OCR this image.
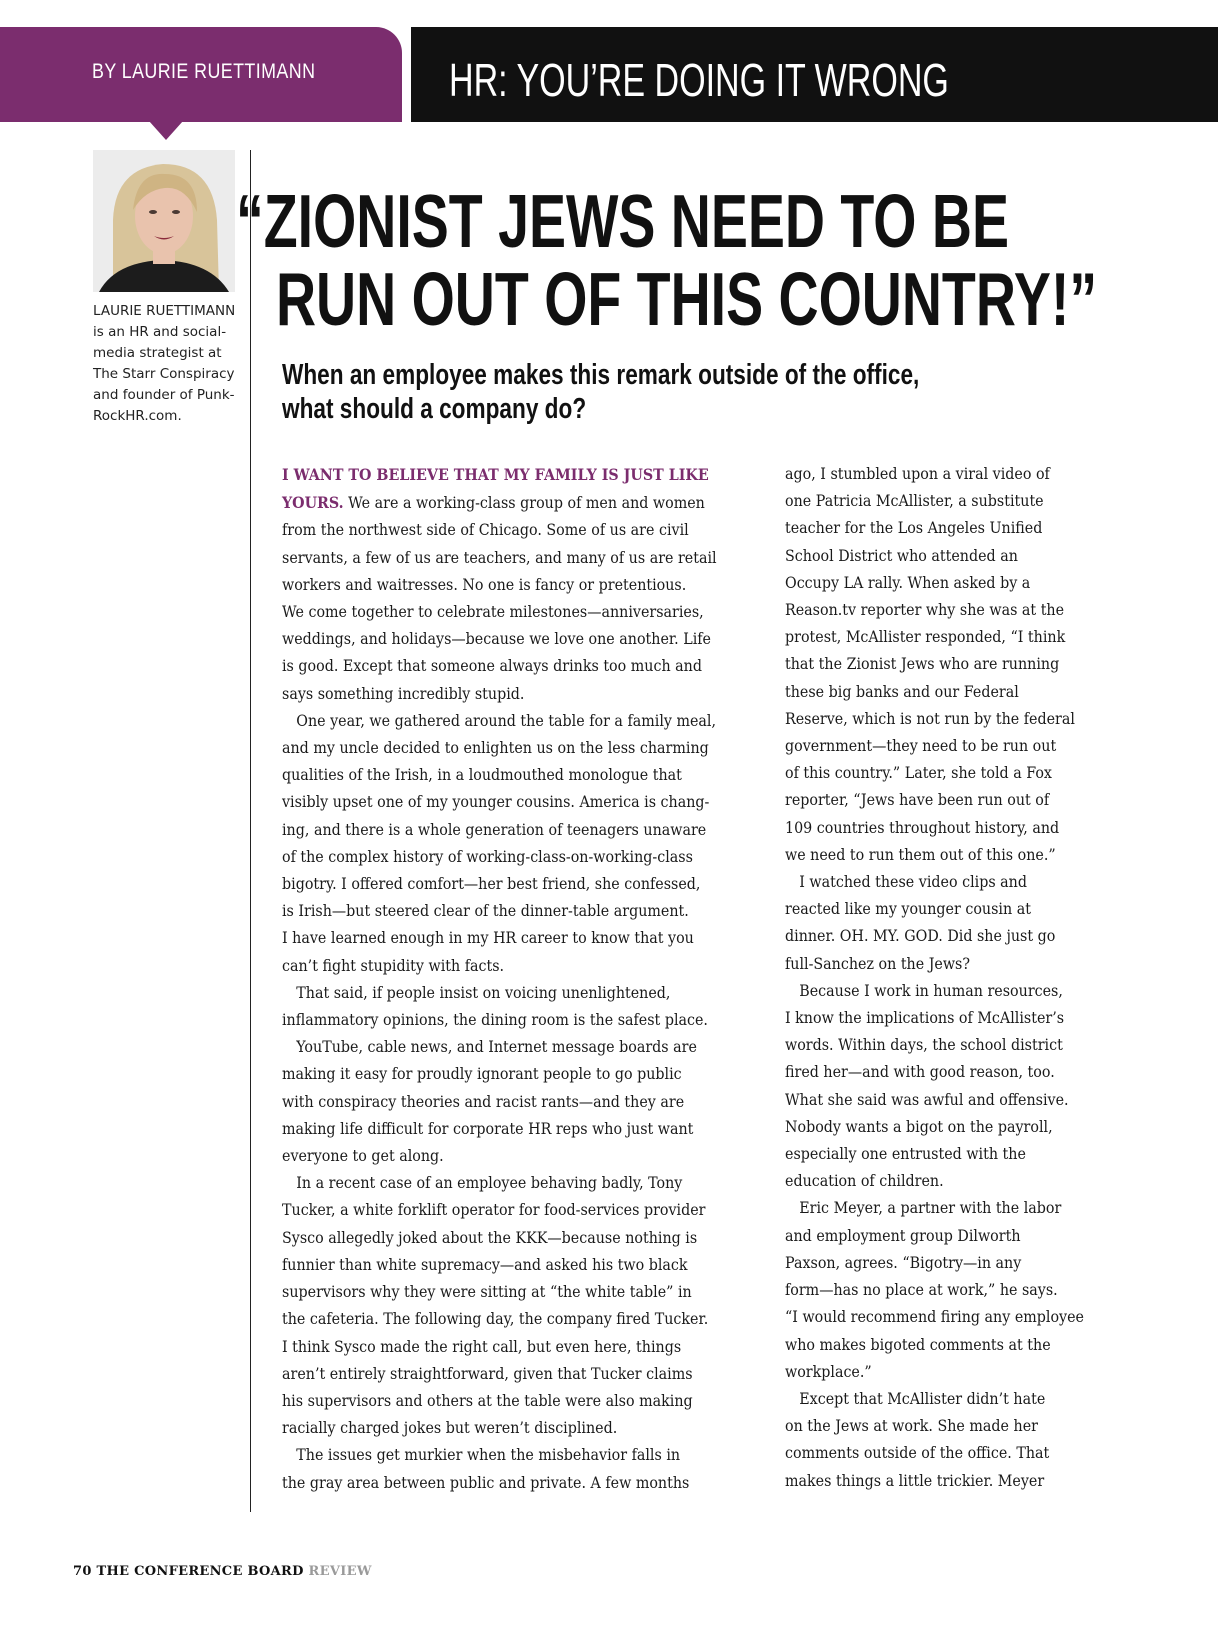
BY LAURIE RUETTIMANN	HR: YOU’RE DOING IT WRONG
LAURIE RUETTIMANN
is an HR and social-
media strategist at
The Starr Conspiracy
and founder of Punk-
RockHR.com.
“ZIONIST JEWS NEED TO BE
RUN OUT OF THIS COUNTRY!”
When an employee makes this remark outside of the office,
what should a company do?
I WANT TO BELIEVE THAT MY FAMILY IS JUST LIKE
YOURS. We are a working-class group of men and women
from the northwest side of Chicago. Some of us are civil
servants, a few of us are teachers, and many of us are retail
workers and waitresses. No one is fancy or pretentious.
We come together to celebrate milestones—anniversaries,
weddings, and holidays—because we love one another. Life
is good. Except that someone always drinks too much and
says something incredibly stupid.
 One year, we gathered around the table for a family meal,
and my uncle decided to enlighten us on the less charming
qualities of the Irish, in a loudmouthed monologue that
visibly upset one of my younger cousins. America is chang-
ing, and there is a whole generation of teenagers unaware
of the complex history of working-class-on-working-class
bigotry. I offered comfort—her best friend, she confessed,
is Irish—but steered clear of the dinner-table argument.
I have learned enough in my HR career to know that you
can’t fight stupidity with facts.
 That said, if people insist on voicing unenlightened,
inflammatory opinions, the dining room is the safest place.
 YouTube, cable news, and Internet message boards are
making it easy for proudly ignorant people to go public
with conspiracy theories and racist rants—and they are
making life difficult for corporate HR reps who just want
everyone to get along.
 In a recent case of an employee behaving badly, Tony
Tucker, a white forklift operator for food-services provider
Sysco allegedly joked about the KKK—because nothing is
funnier than white supremacy—and asked his two black
supervisors why they were sitting at “the white table” in
the cafeteria. The following day, the company fired Tucker.
I think Sysco made the right call, but even here, things
aren’t entirely straightforward, given that Tucker claims
his supervisors and others at the table were also making
racially charged jokes but weren’t disciplined.
 The issues get murkier when the misbehavior falls in
the gray area between public and private. A few months
ago, I stumbled upon a viral video of
one Patricia McAllister, a substitute
teacher for the Los Angeles Unified
School District who attended an
Occupy LA rally. When asked by a
Reason.tv reporter why she was at the
protest, McAllister responded, “I think
that the Zionist Jews who are running
these big banks and our Federal
Reserve, which is not run by the federal
government—they need to be run out
of this country.” Later, she told a Fox
reporter, “Jews have been run out of
109 countries throughout history, and
we need to run them out of this one.”
 I watched these video clips and
reacted like my younger cousin at
dinner. OH. MY. GOD. Did she just go
full-Sanchez on the Jews?
 Because I work in human resources,
I know the implications of McAllister’s
words. Within days, the school district
fired her—and with good reason, too.
What she said was awful and offensive.
Nobody wants a bigot on the payroll,
especially one entrusted with the
education of children.
 Eric Meyer, a partner with the labor
and employment group Dilworth
Paxson, agrees. “Bigotry—in any
form—has no place at work,” he says.
“I would recommend firing any employee
who makes bigoted comments at the
workplace.”
 Except that McAllister didn’t hate
on the Jews at work. She made her
comments outside of the office. That
makes things a little trickier. Meyer
70 THE CONFERENCE BOARD REVIEW
